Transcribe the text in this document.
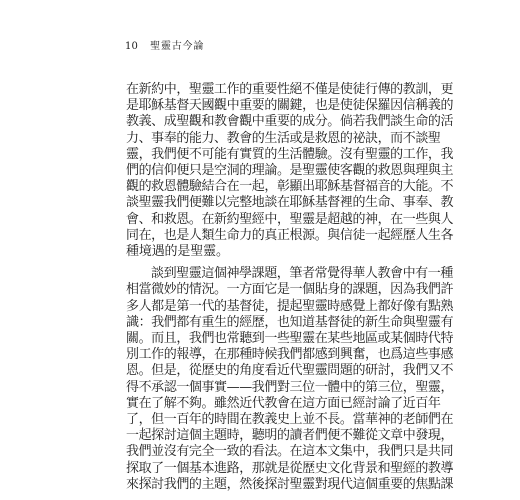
10 聖靈古今論
在新約中，聖靈工作的重要性絕不僅是使徒行傳的教訓，更
是耶穌基督天國觀中重要的關鍵，也是使徒保羅因信稱義的
教義、成聖觀和教會觀中重要的成分。倘若我們談生命的活
力、事奉的能力、教會的生活或是救恩的祕訣，而不談聖
靈，我們便不可能有實質的生活體驗。沒有聖靈的工作，我
們的信仰便只是空洞的理論。是聖靈使客觀的救恩與理與主
觀的救恩體驗結合在一起，彰顯出耶穌基督福音的大能。不
談聖靈我們便難以完整地談在耶穌基督裡的生命、事奉、教
會、和救恩。在新約聖經中，聖靈是超越的神，在一些與人
同在，也是人類生命力的真正根源。與信徒一起經歷人生各
種境遇的是聖靈。
談到聖靈這個神學課題，筆者常覺得華人教會中有一種
相當微妙的情況。一方面它是一個貼身的課題，因為我們許
多人都是第一代的基督徒，提起聖靈時感覺上都好像有點熟
識：我們都有重生的經歷，也知道基督徒的新生命與聖靈有
關。而且，我們也常聽到一些聖靈在某些地區或某個時代特
別工作的報導，在那種時候我們都感到興奮，也爲這些事感
恩。但是，從歷史的角度看近代聖靈問題的研討，我們又不
得不承認一個事實——我們對三位一體中的第三位，聖靈，
實在了解不夠。雖然近代教會在這方面已經討論了近百年
了，但一百年的時間在教義史上並不長。當華神的老師們在
一起探討這個主題時，聽明的讀者們便不難從文章中發現，
我們並沒有完全一致的看法。在這本文集中，我們只是共同
探取了一個基本進路，那就是從歷史文化背景和聖經的教導
來探討我們的主題，然後探討聖靈對現代這個重要的焦點課
